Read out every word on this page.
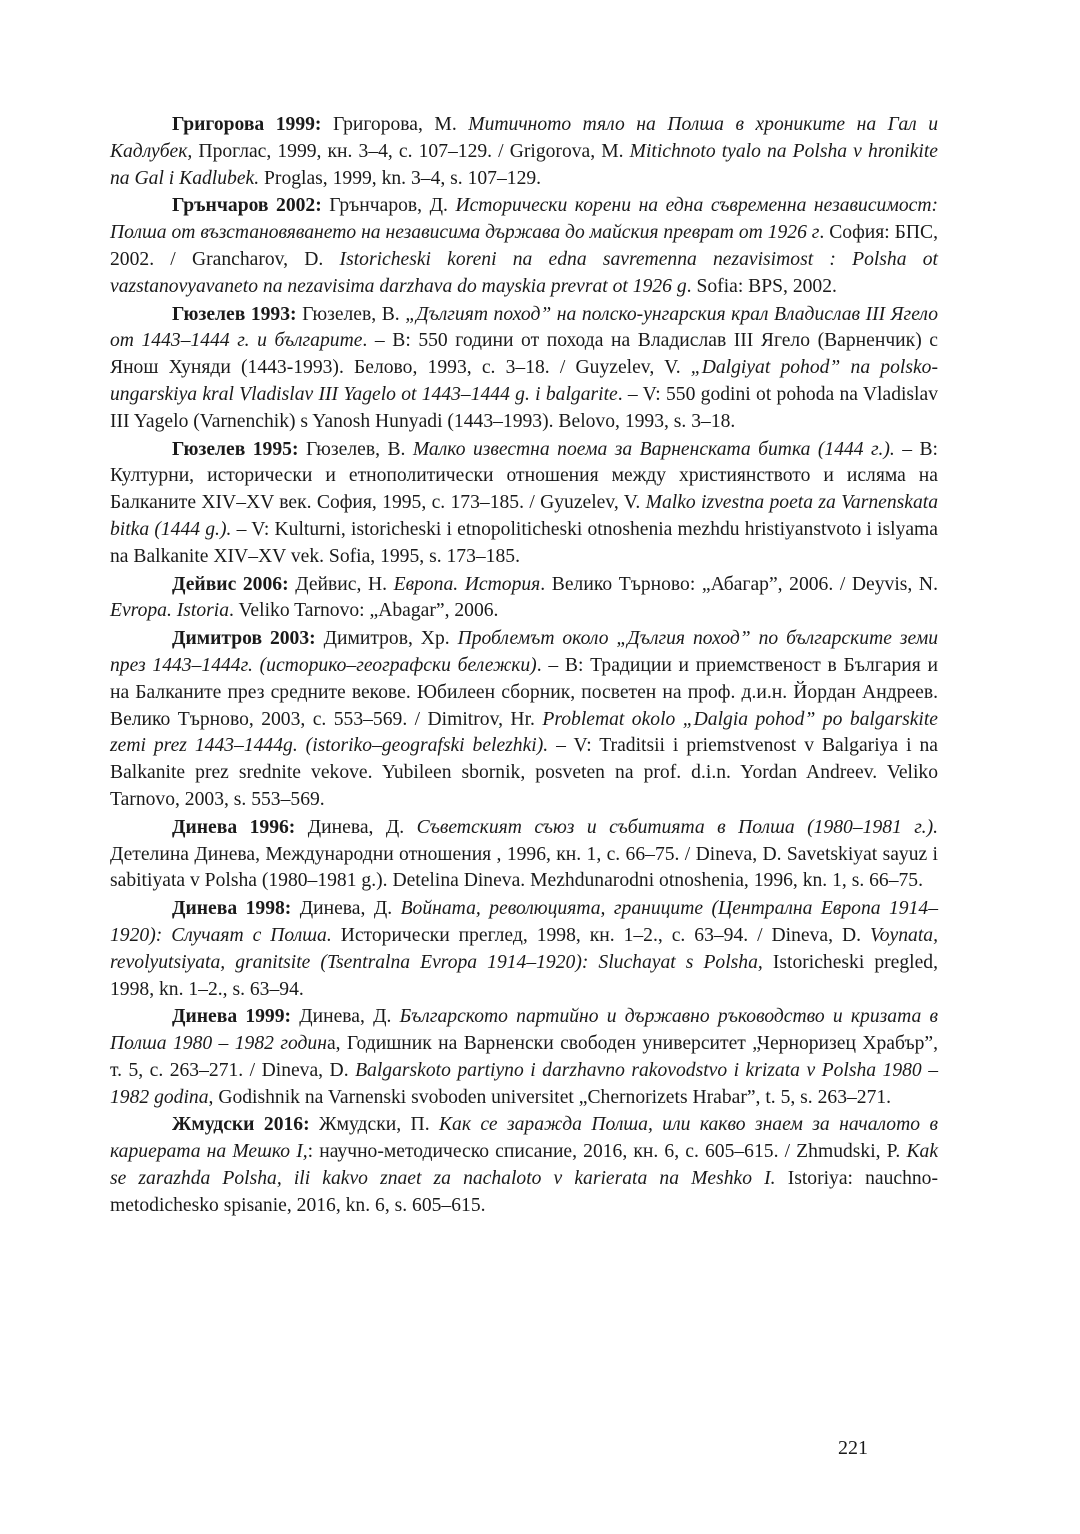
Григорова 1999: Григорова, М. Митичното тяло на Полша в хрониките на Гал и Кадлубек, Проглас, 1999, кн. 3–4, с. 107–129. / Grigorova, M. Mitichnoto tyalo na Polsha v hronikite na Gal i Kadlubek. Proglas, 1999, kn. 3–4, s. 107–129.

Грънчаров 2002: Грънчаров, Д. Исторически корени на една съвременна независимост: Полша от възстановяването на независима държава до майския преврат от 1926 г. София: БПС, 2002. / Grancharov, D. Istoricheski koreni na edna savremenna nezavisimost : Polsha ot vazstanovyavaneto na nezavisima darzhava do mayskia prevrat ot 1926 g. Sofia: BPS, 2002.

Гюзелев 1993: Гюзелев, В. „Дългият поход” на полско-унгарския крал Владислав III Ягело от 1443–1444 г. и българите. – В: 550 години от похода на Владислав III Ягело (Варненчик) с Янош Хуняди (1443-1993). Белово, 1993, с. 3–18. / Guyzelev, V. „Dalgiyat pohod” na polsko-ungarskiya kral Vladislav III Yagelo ot 1443–1444 g. i balgarite. – V: 550 godini ot pohoda na Vladislav III Yagelo (Varnenchik) s Yanosh Hunyadi (1443–1993). Belovo, 1993, s. 3–18.

Гюзелев 1995: Гюзелев, В. Малко известна поема за Варненската битка (1444 г.). – В: Културни, исторически и етнополитически отношения между християнството и исляма на Балканите XIV–XV век. София, 1995, с. 173–185. / Gyuzelev, V. Malko izvestna poeta za Varnenskata bitka (1444 g.). – V: Kulturni, istoricheski i etnopoliticheski otnoshenia mezhdu hristiyanstvoto i islyama na Balkanite XIV–XV vek. Sofia, 1995, s. 173–185.

Дейвис 2006: Дейвис, Н. Европа. История. Велико Търново: „Абагар”, 2006. / Deyvis, N. Evropa. Istoria. Veliko Tarnovo: „Abagar”, 2006.

Димитров 2003: Димитров, Хр. Проблемът около „Дългия поход” по българските земи през 1443–1444г. (историко–географски бележки). – В: Традиции и приемственост в България и на Балканите през средните векове. Юбилеен сборник, посветен на проф. д.и.н. Йордан Андреев. Велико Търново, 2003, с. 553–569. / Dimitrov, Hr. Problemat okolo „Dalgia pohod” po balgarskite zemi prez 1443–1444g. (istoriko–geografski belezhki). – V: Traditsii i priemstvenost v Balgariya i na Balkanite prez srednite vekove. Yubileen sbornik, posveten na prof. d.i.n. Yordan Andreev. Veliko Tarnovo, 2003, s. 553–569.

Динева 1996: Динева, Д. Съветският съюз и събитията в Полша (1980–1981 г.). Детелина Динева, Международни отношения , 1996, кн. 1, с. 66–75. / Dineva, D. Savetskiyat sayuz i sabitiyata v Polsha (1980–1981 g.). Detelina Dineva. Mezhdunarodni otnoshenia, 1996, kn. 1, s. 66–75.

Динева 1998: Динева, Д. Войната, революцията, границите (Централна Европа 1914–1920): Случаят с Полша. Исторически преглед, 1998, кн. 1–2., с. 63–94. / Dineva, D. Voynata, revolyutsiyata, granitsite (Tsentralna Evropa 1914–1920): Sluchayat s Polsha, Istoricheski pregled, 1998, kn. 1–2., s. 63–94.

Динева 1999: Динева, Д. Българското партийно и държавно ръководство и кризата в Полша 1980 – 1982 година, Годишник на Варненски свободен университет „Черноризец Храбър”, т. 5, с. 263–271. / Dineva, D. Balgarskoto partiyno i darzhavno rakovodstvo i krizata v Polsha 1980 – 1982 godina, Godishnik na Varnenski svoboden universitet „Chernorizets Hrabar”, t. 5, s. 263–271.

Жмудски 2016: Жмудски, П. Как се заражда Полша, или какво знаем за началото в кариерата на Мешко I,: научно-методическо списание, 2016, кн. 6, с. 605–615. / Zhmudski, P. Kak se zarazhda Polsha, ili kakvo znaet za nachaloto v karierata na Meshko I. Istoriya: nauchno-metodichesko spisanie, 2016, kn. 6, s. 605–615.

221
